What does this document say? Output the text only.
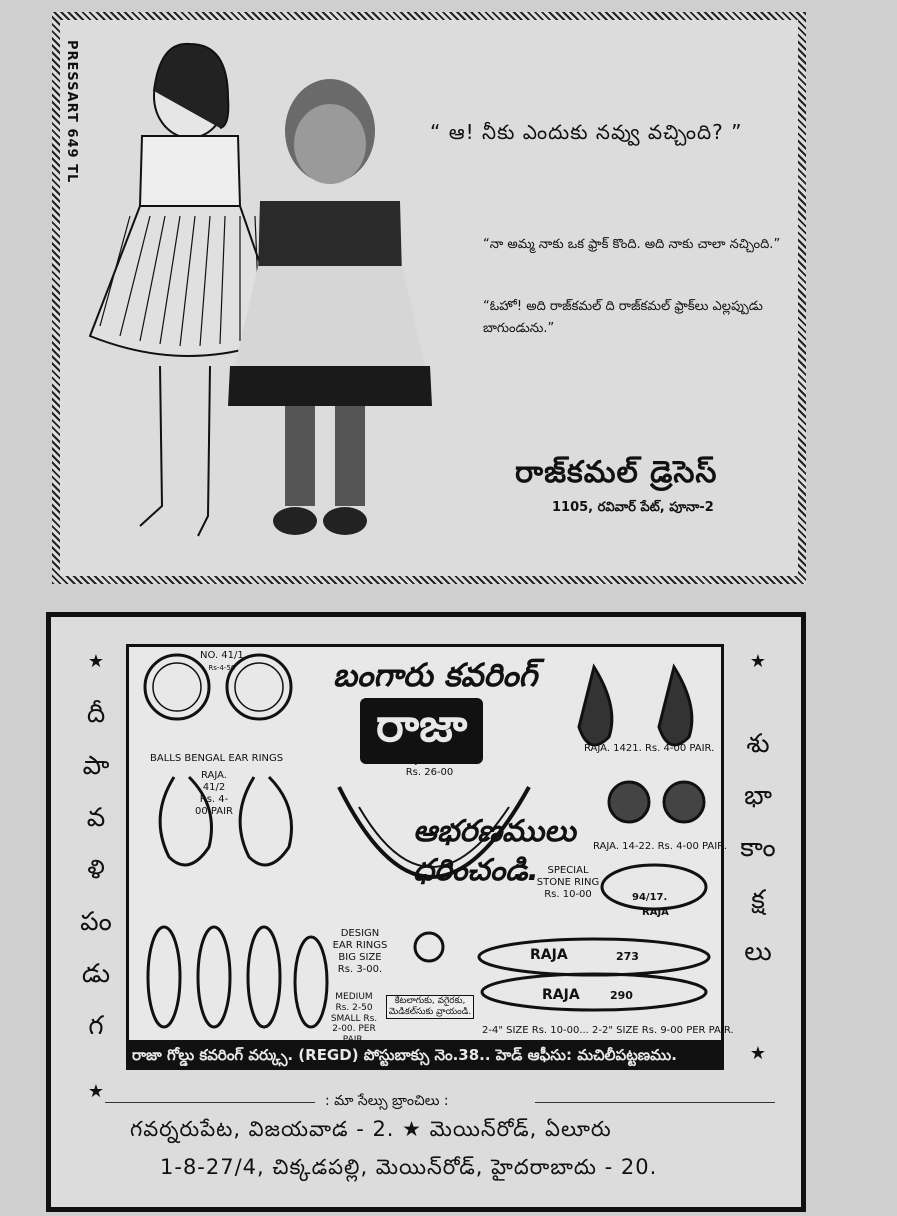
PRESSART 649 TL	“ ఆ! నీకు ఎందుకు నవ్వు వచ్చింది? ”
“నా అమ్మ నాకు ఒక ఫ్రాక్ కొంది. అది నాకు చాలా నచ్చింది.”
“ఓహో! అది రాజ్‌కమల్ ది రాజ్‌కమల్ ఫ్రాక్‌లు ఎల్లప్పుడు బాగుండును.”
రాజ్‌కమల్ డ్రెసెస్
1105, రవివార్ పేట్, పూనా-2
★
దీ
పా
వ
ళి
పం
డు
గ
★
★
శు
భా
కాం
క్ష
లు
★
బంగారు కవరింగ్
రాజా
ఆభరణములు ధరించండి.
NO. 41/1
Rs-4-50
BALLS BENGAL EAR RINGS
RAJA. 41/2
Rs. 4-00 PAIR
RAJA 508/5
Rs. 26-00
RAJA. 1421. Rs. 4-00 PAIR.
RAJA. 14-22. Rs. 4-00 PAIR.
SPECIAL STONE RING
Rs. 10-00	94/17.
RAJA
DESIGN EAR RINGS BIG SIZE
Rs. 3-00.
MEDIUM Rs. 2-50 SMALL Rs. 2-00. PER
కేటలాగుకు, వగైరకు, మెడికల్‌సుకు వ్రాయండి.
RAJA	273
RAJA	290
2-4" SIZE Rs. 10-00... 2-2" SIZE Rs. 9-00 PER PAIR.
రాజా గోల్డు కవరింగ్ వర్క్సు. (REGD) పోస్టుబాక్సు నెం.38.. హెడ్ ఆఫీసు: మచిలీపట్టణము.
: మా సేల్సు బ్రాంచిలు :
గవర్నరుపేట, విజయవాడ - 2. ★ మెయిన్‌రోడ్, ఏలూరు
1-8-27/4, చిక్కడపల్లి, మెయిన్‌రోడ్, హైదరాబాదు - 20.
